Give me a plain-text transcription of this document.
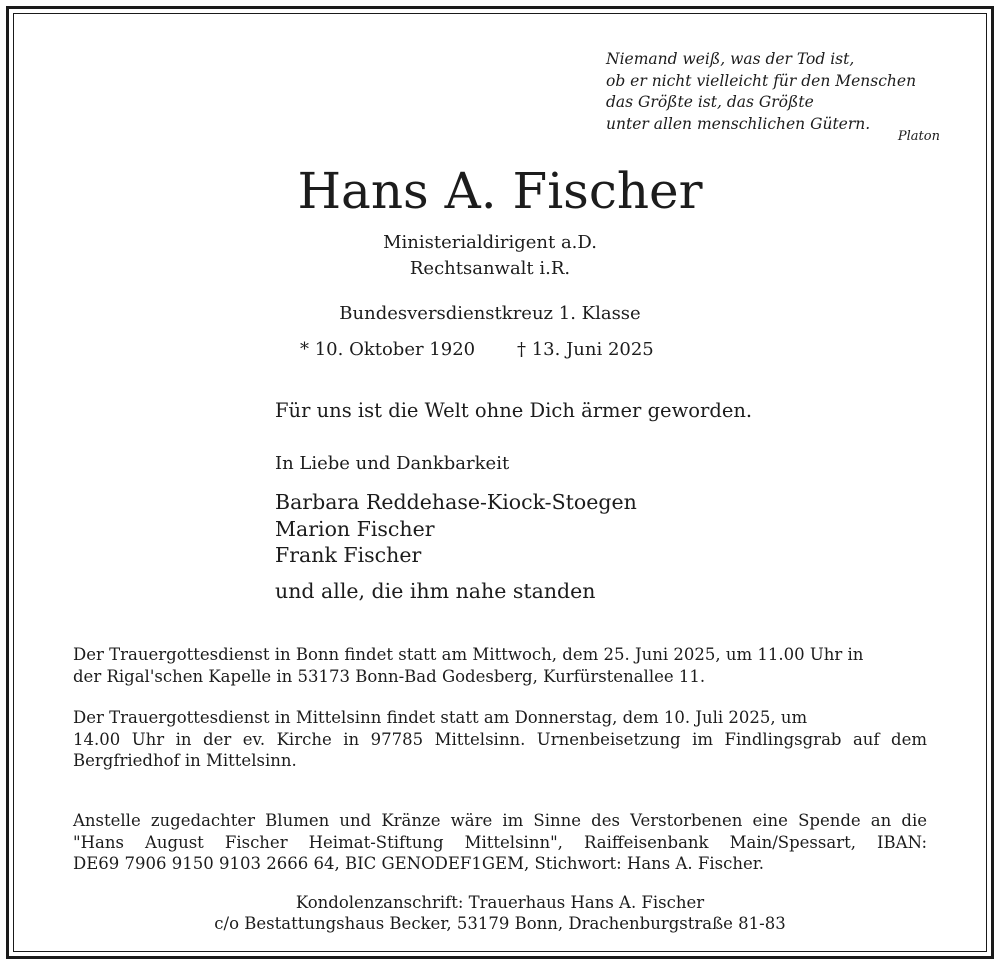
Niemand weiß, was der Tod ist,
ob er nicht vielleicht für den Menschen
das Größte ist, das Größte
unter allen menschlichen Gütern.
Platon
Hans A. Fischer
Ministerialdirigent a.D.
Rechtsanwalt i.R.
Bundesversdienstkreuz 1. Klasse
* 10. Oktober 1920 † 13. Juni 2025
Für uns ist die Welt ohne Dich ärmer geworden.
In Liebe und Dankbarkeit
Barbara Reddehase-Kiock-Stoegen
Marion Fischer
Frank Fischer
und alle, die ihm nahe standen
Der Trauergottesdienst in Bonn findet statt am Mittwoch, dem 25. Juni 2025, um 11.00 Uhr in
der Rigal'schen Kapelle in 53173 Bonn-Bad Godesberg, Kurfürstenallee 11.
Der Trauergottesdienst in Mittelsinn findet statt am Donnerstag, dem 10. Juli 2025, um
14.00 Uhr in der ev. Kirche in 97785 Mittelsinn. Urnenbeisetzung im Findlingsgrab auf dem
Bergfriedhof in Mittelsinn.
Anstelle zugedachter Blumen und Kränze wäre im Sinne des Verstorbenen eine Spende an die
"Hans August Fischer Heimat-Stiftung Mittelsinn", Raiffeisenbank Main/Spessart, IBAN:
DE69 7906 9150 9103 2666 64, BIC GENODEF1GEM, Stichwort: Hans A. Fischer.
Kondolenzanschrift: Trauerhaus Hans A. Fischer
c/o Bestattungshaus Becker, 53179 Bonn, Drachenburgstraße 81-83
